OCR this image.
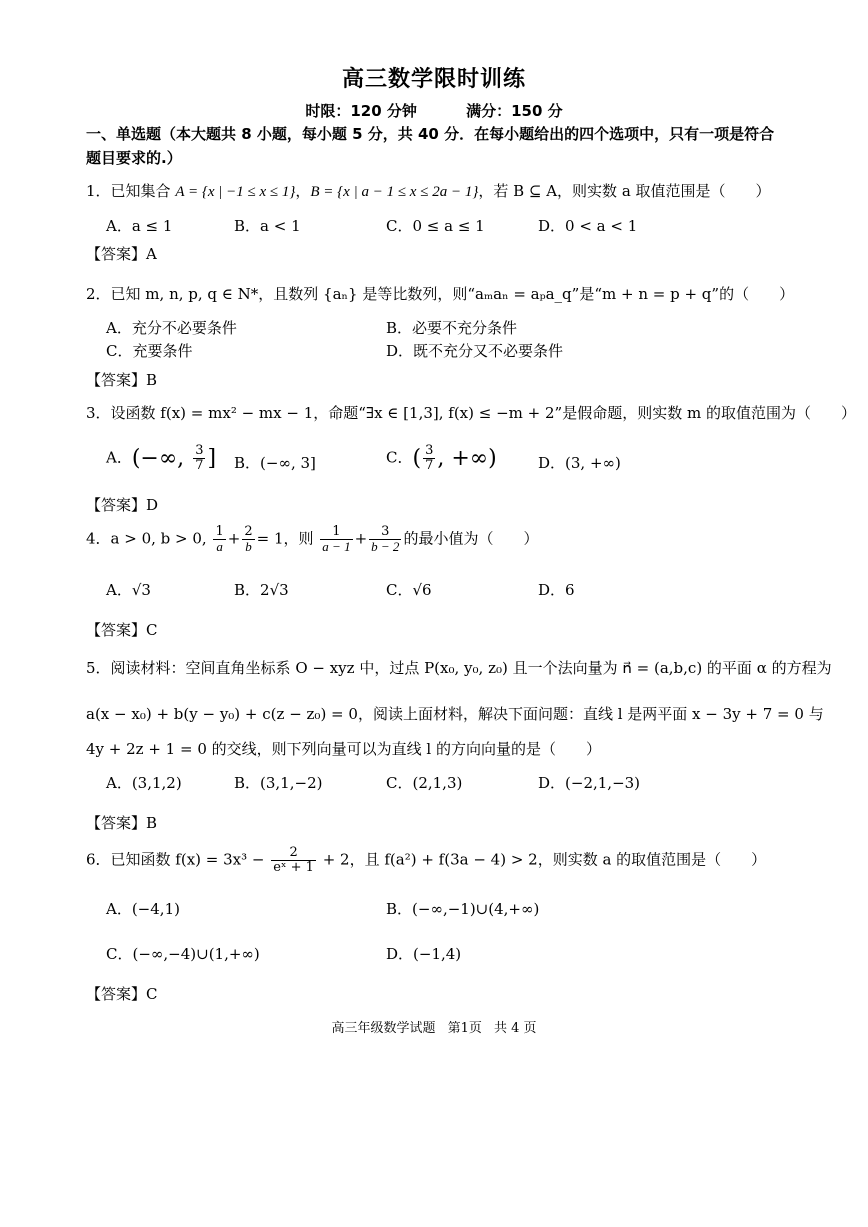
高三数学限时训练
时限：120 分钟	满分：150 分
一、单选题（本大题共 8 小题，每小题 5 分，共 40 分．在每小题给出的四个选项中，只有一项是符合题目要求的.）
1．已知集合 A = {x | −1 ≤ x ≤ 1}，B = {x | a − 1 ≤ x ≤ 2a − 1}，若 B ⊆ A，则实数 a 取值范围是（　　）
A．a ≤ 1	B．a < 1	C．0 ≤ a ≤ 1	D．0 < a < 1
【答案】A
2．已知 m, n, p, q ∈ N*，且数列 {aₙ} 是等比数列，则“aₘaₙ = aₚa_q”是“m + n = p + q”的（　　）
A．充分不必要条件	B．必要不充分条件
C．充要条件	D．既不充分又不必要条件
【答案】B
3．设函数 f(x) = mx² − mx − 1，命题“∃x ∈ [1,3], f(x) ≤ −m + 2”是假命题，则实数 m 的取值范围为（　　）
A．(−∞, $\frac{3}{7}$ ] B．(−∞, 3]	C．( $\frac{3}{7}$ , +∞)	D．(3, +∞)
【答案】D
4．a > 0, b > 0, $\frac{1}{a} + \frac{2}{b} = 1$，则 $\frac{1}{a - 1} + \frac{3}{b - 2}$ 的最小值为（　　）
A．√3	B．2√3	C．√6	D．6
【答案】C
5．阅读材料：空间直角坐标系 O − xyz 中，过点 P(x₀, y₀, z₀) 且一个法向量为 n⃗ = (a,b,c) 的平面 α 的方程为
a(x − x₀) + b(y − y₀) + c(z − z₀) = 0，阅读上面材料，解决下面问题：直线 l 是两平面 x − 3y + 7 = 0 与
4y + 2z + 1 = 0 的交线，则下列向量可以为直线 l 的方向向量的是（　　）
A．(3,1,2)	B．(3,1,−2)	C．(2,1,3)	D．(−2,1,−3)
【答案】B
6．已知函数 $f(x) = 3x^3 - \frac{2}{\text{eˣ + 1}} + 2$，且 f(a²) + f(3a − 4) > 2，则实数 a 的取值范围是（　　）
A．(−4,1)	B．(−∞,−1)∪(4,+∞)
C．(−∞,−4)∪(1,+∞)	D．(−1,4)
【答案】C
高三年级数学试题 第1页 共 4 页
